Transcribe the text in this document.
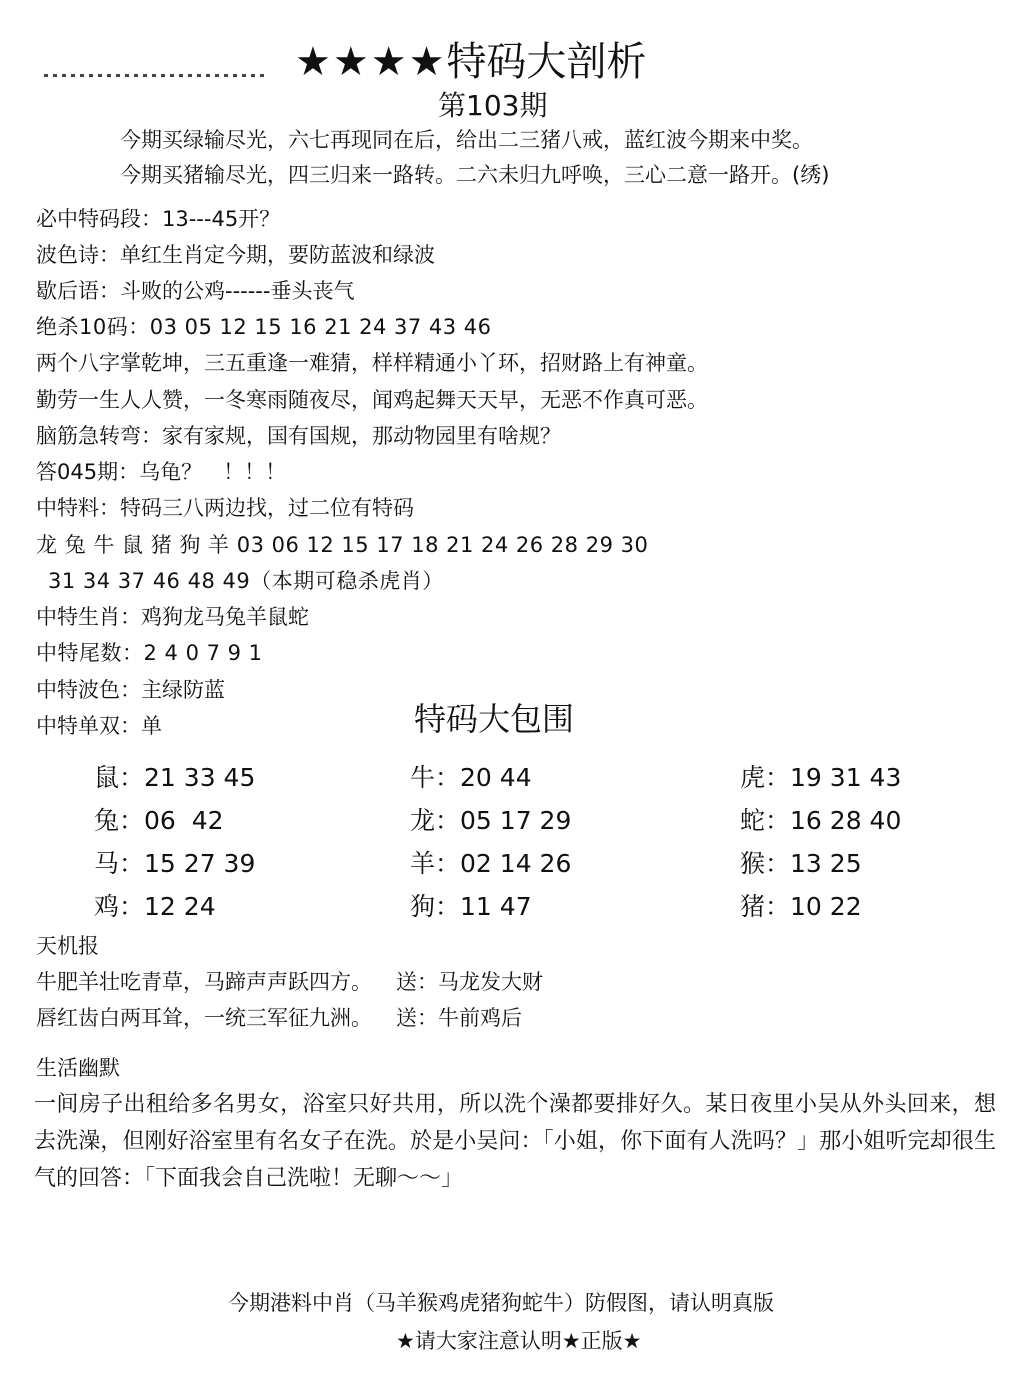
★★★★特码大剖析
第103期
今期买绿输尽光，六七再现同在后，给出二三猪八戒，蓝红波今期来中奖。
今期买猪输尽光，四三归来一路转。二六未归九呼唤，三心二意一路开。(绣)
必中特码段：13---45开？
波色诗：单红生肖定今期，要防蓝波和绿波
歇后语：斗败的公鸡------垂头丧气
绝杀10码：03 05 12 15 16 21 24 37 43 46
两个八字掌乾坤，三五重逢一难猜，样样精通小丫环，招财路上有神童。
勤劳一生人人赞，一冬寒雨随夜尽，闻鸡起舞天天早，无恶不作真可恶。
脑筋急转弯：家有家规，国有国规，那动物园里有啥规？
答045期：乌龟？　！！！
中特料：特码三八两边找，过二位有特码
龙 兔 牛 鼠 猪 狗 羊 03 06 12 15 17 18 21 24 26 28 29 30
31 34 37 46 48 49（本期可稳杀虎肖）
中特生肖：鸡狗龙马兔羊鼠蛇
中特尾数：2 4 0 7 9 1
中特波色：主绿防蓝
中特单双：单	特码大包围
鼠：21 33 45	牛：20 44	虎：19 31 43
兔：06  42	龙：05 17 29	蛇：16 28 40
马：15 27 39	羊：02 14 26	猴：13 25
鸡：12 24	狗：11 47	猪：10 22
天机报
牛肥羊壮吃青草，马蹄声声跃四方。 送：马龙发大财
唇红齿白两耳耸，一统三军征九洲。 送：牛前鸡后
生活幽默
一间房子出租给多名男女，浴室只好共用，所以洗个澡都要排好久。某日夜里小吴从外头回来，想去洗澡，但刚好浴室里有名女子在洗。於是小吴问：「小姐，你下面有人洗吗？」那小姐听完却很生气的回答：「下面我会自己洗啦！无聊～～」
今期港料中肖（马羊猴鸡虎猪狗蛇牛）防假图，请认明真版
★请大家注意认明★正版★
